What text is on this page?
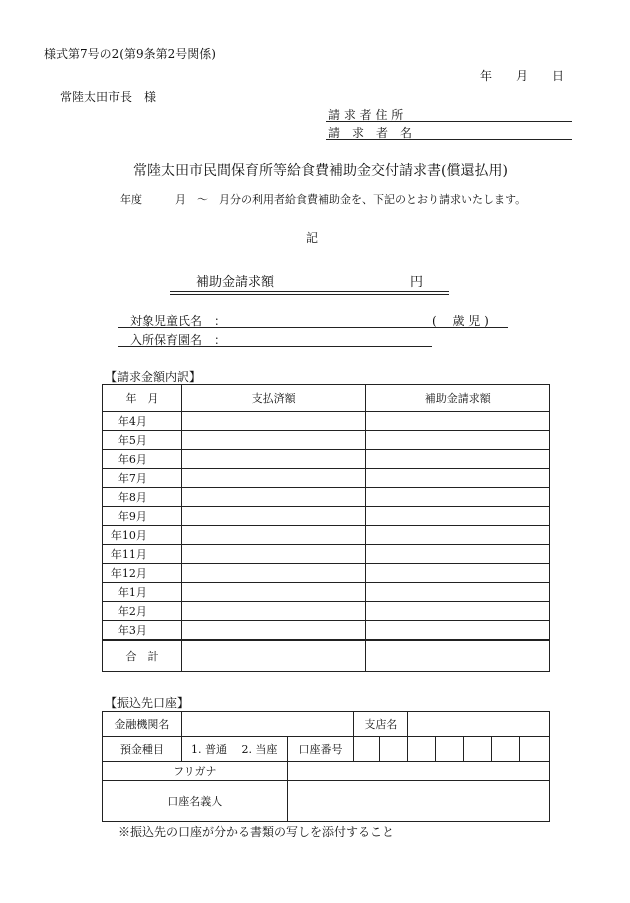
様式第7号の2(第9条第2号関係)
年　　月　　日
常陸太田市長　様
請 求 者 住 所
請　求　者　名
常陸太田市民間保育所等給食費補助金交付請求書(償還払用)
年度　　　月　～　月分の利用者給食費補助金を、下記のとおり請求いたします。
記
補助金請求額	円
対象児童氏名　：	(　 歳 児 )
入所保育園名　：
【請求金額内訳】
年　月	支払済額	補助金請求額
年4月		
年5月		
年6月		
年7月		
年8月		
年9月		
年10月		
年11月		
年12月		
年1月		
年2月		
年3月		
合　計		
【振込先口座】
金融機関名			支店名						
預金種目	1. 普通　 2. 当座	口座番号							
フリガナ									
口座名義人									
※振込先の口座が分かる書類の写しを添付すること
